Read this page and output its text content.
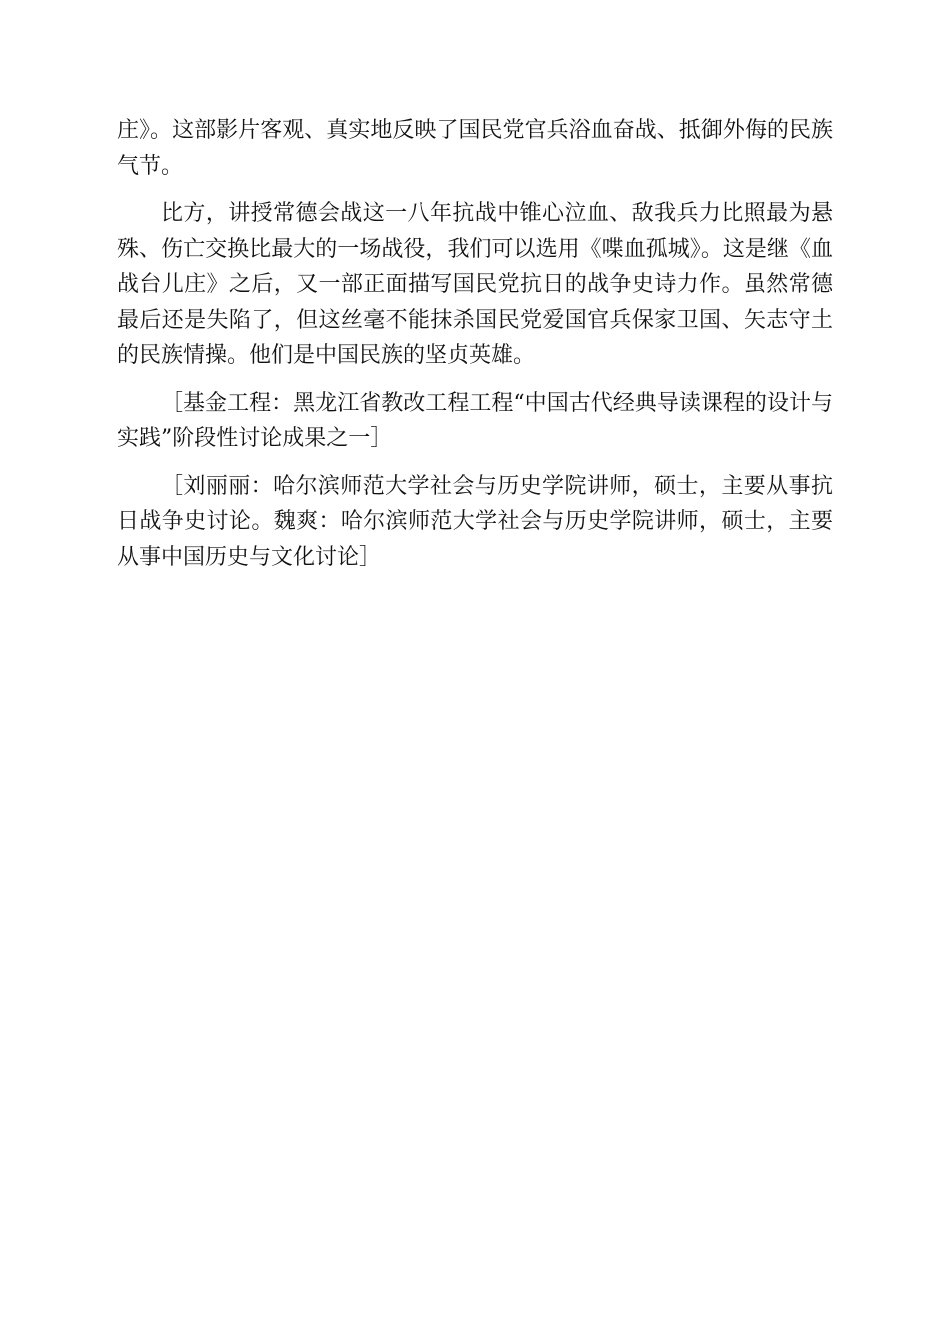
庄》。这部影片客观、真实地反映了国民党官兵浴血奋战、抵御外侮的民族气节。

比方，讲授常德会战这一八年抗战中锥心泣血、敌我兵力比照最为悬殊、伤亡交换比最大的一场战役，我们可以选用《喋血孤城》。这是继《血战台儿庄》之后，又一部正面描写国民党抗日的战争史诗力作。虽然常德最后还是失陷了，但这丝毫不能抹杀国民党爱国官兵保家卫国、矢志守土的民族情操。他们是中国民族的坚贞英雄。

［基金工程：黑龙江省教改工程工程“中国古代经典导读课程的设计与实践”阶段性讨论成果之一］

［刘丽丽：哈尔滨师范大学社会与历史学院讲师，硕士，主要从事抗日战争史讨论。魏爽：哈尔滨师范大学社会与历史学院讲师，硕士，主要从事中国历史与文化讨论］
